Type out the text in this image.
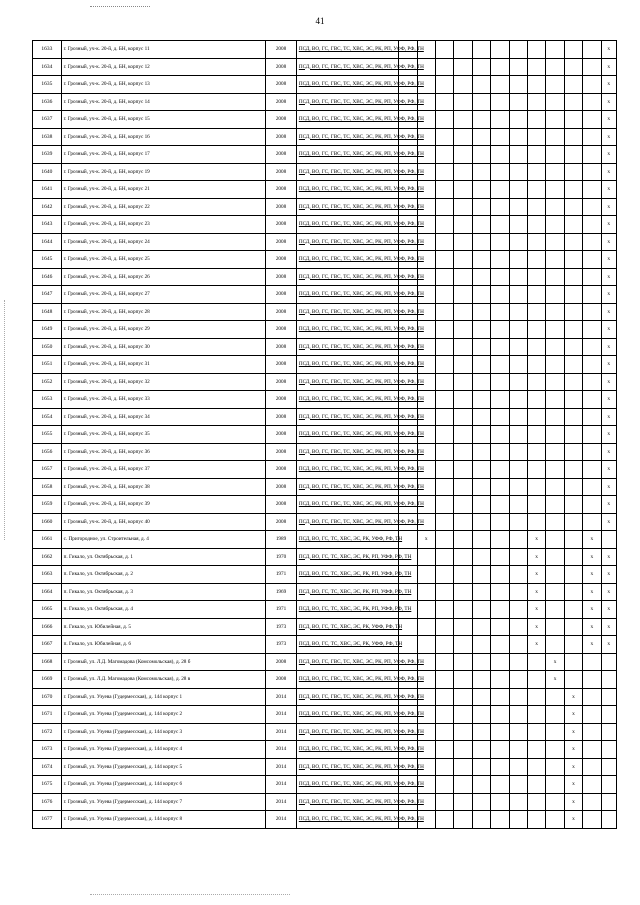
41
1633	г. Грозный, уч-к. 20-й, д. БН, корпус 11	2008	ПСД, ВО, ГС, ГВС, ТС, ХВС, ЭС, РК, РП, УФФ, РФ, ТН												х
1634	г. Грозный, уч-к. 20-й, д. БН, корпус 12	2008	ПСД, ВО, ГС, ГВС, ТС, ХВС, ЭС, РК, РП, УФФ, РФ, ТН												х
1635	г. Грозный, уч-к. 20-й, д. БН, корпус 13	2008	ПСД, ВО, ГС, ГВС, ТС, ХВС, ЭС, РК, РП, УФФ, РФ, ТН												х
1636	г. Грозный, уч-к. 20-й, д. БН, корпус 14	2008	ПСД, ВО, ГС, ГВС, ТС, ХВС, ЭС, РК, РП, УФФ, РФ, ТН												х
1637	г. Грозный, уч-к. 20-й, д. БН, корпус 15	2008	ПСД, ВО, ГС, ГВС, ТС, ХВС, ЭС, РК, РП, УФФ, РФ, ТН												х
1638	г. Грозный, уч-к. 20-й, д. БН, корпус 16	2008	ПСД, ВО, ГС, ГВС, ТС, ХВС, ЭС, РК, РП, УФФ, РФ, ТН												х
1639	г. Грозный, уч-к. 20-й, д. БН, корпус 17	2008	ПСД, ВО, ГС, ГВС, ТС, ХВС, ЭС, РК, РП, УФФ, РФ, ТН												х
1640	г. Грозный, уч-к. 20-й, д. БН, корпус 19	2008	ПСД, ВО, ГС, ГВС, ТС, ХВС, ЭС, РК, РП, УФФ, РФ, ТН												х
1641	г. Грозный, уч-к. 20-й, д. БН, корпус 21	2008	ПСД, ВО, ГС, ГВС, ТС, ХВС, ЭС, РК, РП, УФФ, РФ, ТН												х
1642	г. Грозный, уч-к. 20-й, д. БН, корпус 22	2008	ПСД, ВО, ГС, ГВС, ТС, ХВС, ЭС, РК, РП, УФФ, РФ, ТН												х
1643	г. Грозный, уч-к. 20-й, д. БН, корпус 23	2008	ПСД, ВО, ГС, ГВС, ТС, ХВС, ЭС, РК, РП, УФФ, РФ, ТН												х
1644	г. Грозный, уч-к. 20-й, д. БН, корпус 24	2008	ПСД, ВО, ГС, ГВС, ТС, ХВС, ЭС, РК, РП, УФФ, РФ, ТН												х
1645	г. Грозный, уч-к. 20-й, д. БН, корпус 25	2008	ПСД, ВО, ГС, ГВС, ТС, ХВС, ЭС, РК, РП, УФФ, РФ, ТН												х
1646	г. Грозный, уч-к. 20-й, д. БН, корпус 26	2008	ПСД, ВО, ГС, ГВС, ТС, ХВС, ЭС, РК, РП, УФФ, РФ, ТН												х
1647	г. Грозный, уч-к. 20-й, д. БН, корпус 27	2008	ПСД, ВО, ГС, ГВС, ТС, ХВС, ЭС, РК, РП, УФФ, РФ, ТН												х
1648	г. Грозный, уч-к. 20-й, д. БН, корпус 28	2008	ПСД, ВО, ГС, ГВС, ТС, ХВС, ЭС, РК, РП, УФФ, РФ, ТН												х
1649	г. Грозный, уч-к. 20-й, д. БН, корпус 29	2008	ПСД, ВО, ГС, ГВС, ТС, ХВС, ЭС, РК, РП, УФФ, РФ, ТН												х
1650	г. Грозный, уч-к. 20-й, д. БН, корпус 30	2008	ПСД, ВО, ГС, ГВС, ТС, ХВС, ЭС, РК, РП, УФФ, РФ, ТН												х
1651	г. Грозный, уч-к. 20-й, д. БН, корпус 31	2008	ПСД, ВО, ГС, ГВС, ТС, ХВС, ЭС, РК, РП, УФФ, РФ, ТН												х
1652	г. Грозный, уч-к. 20-й, д. БН, корпус 32	2008	ПСД, ВО, ГС, ГВС, ТС, ХВС, ЭС, РК, РП, УФФ, РФ, ТН												х
1653	г. Грозный, уч-к. 20-й, д. БН, корпус 33	2008	ПСД, ВО, ГС, ГВС, ТС, ХВС, ЭС, РК, РП, УФФ, РФ, ТН												х
1654	г. Грозный, уч-к. 20-й, д. БН, корпус 34	2008	ПСД, ВО, ГС, ГВС, ТС, ХВС, ЭС, РК, РП, УФФ, РФ, ТН												х
1655	г. Грозный, уч-к. 20-й, д. БН, корпус 35	2008	ПСД, ВО, ГС, ГВС, ТС, ХВС, ЭС, РК, РП, УФФ, РФ, ТН												х
1656	г. Грозный, уч-к. 20-й, д. БН, корпус 36	2008	ПСД, ВО, ГС, ГВС, ТС, ХВС, ЭС, РК, РП, УФФ, РФ, ТН												х
1657	г. Грозный, уч-к. 20-й, д. БН, корпус 37	2008	ПСД, ВО, ГС, ГВС, ТС, ХВС, ЭС, РК, РП, УФФ, РФ, ТН												х
1658	г. Грозный, уч-к. 20-й, д. БН, корпус 38	2008	ПСД, ВО, ГС, ГВС, ТС, ХВС, ЭС, РК, РП, УФФ, РФ, ТН												х
1659	г. Грозный, уч-к. 20-й, д. БН, корпус 39	2008	ПСД, ВО, ГС, ГВС, ТС, ХВС, ЭС, РК, РП, УФФ, РФ, ТН												х
1660	г. Грозный, уч-к. 20-й, д. БН, корпус 40	2008	ПСД, ВО, ГС, ГВС, ТС, ХВС, ЭС, РК, РП, УФФ, РФ, ТН												х
1661	с. Пригородное, ул. Строительная, д. 4	1989	ПСД, ВО, ГС, ТС, ХВС, ЭС, РК, УФФ, РФ, ТН		х						х			х	
1662	п. Гикало, ул. Октябрьская, д. 1	1970	ПСД, ВО, ГС, ТС, ХВС, ЭС, РК, РП, УФФ, РФ, ТН								х			х	х
1663	п. Гикало, ул. Октябрьская, д. 2	1971	ПСД, ВО, ГС, ТС, ХВС, ЭС, РК, РП, УФФ, РФ, ТН								х			х	х
1664	п. Гикало, ул. Октябрьская, д. 3	1969	ПСД, ВО, ГС, ТС, ХВС, ЭС, РК, РП, УФФ, РФ, ТН								х			х	х
1665	п. Гикало, ул. Октябрьская, д. 4	1971	ПСД, ВО, ГС, ТС, ХВС, ЭС, РК, РП, УФФ, РФ, ТН								х			х	х
1666	п. Гикало, ул. Юбилейная, д. 5	1973	ПСД, ВО, ГС, ТС, ХВС, ЭС, РК, УФФ, РФ, ТН								х			х	х
1667	п. Гикало, ул. Юбилейная, д. 6	1973	ПСД, ВО, ГС, ТС, ХВС, ЭС, РК, УФФ, РФ, ТН								х			х	х
1668	г. Грозный, ул. Л.Д. Магомадова (Комсомольская), д. 28 б	2008	ПСД, ВО, ГС, ГВС, ТС, ХВС, ЭС, РК, РП, УФФ, РФ, ТН									х			
1669	г. Грозный, ул. Л.Д. Магомадова (Комсомольская), д. 28 в	2008	ПСД, ВО, ГС, ГВС, ТС, ХВС, ЭС, РК, РП, УФФ, РФ, ТН									х			
1670	г. Грозный, ул. Узуева (Гудермесская), д. 144 корпус 1	2014	ПСД, ВО, ГС, ГВС, ТС, ХВС, ЭС, РК, РП, УФФ, РФ, ТН										х		
1671	г. Грозный, ул. Узуева (Гудермесская), д. 144 корпус 2	2014	ПСД, ВО, ГС, ГВС, ТС, ХВС, ЭС, РК, РП, УФФ, РФ, ТН										х		
1672	г. Грозный, ул. Узуева (Гудермесская), д. 144 корпус 3	2014	ПСД, ВО, ГС, ГВС, ТС, ХВС, ЭС, РК, РП, УФФ, РФ, ТН										х		
1673	г. Грозный, ул. Узуева (Гудермесская), д. 144 корпус 4	2014	ПСД, ВО, ГС, ГВС, ТС, ХВС, ЭС, РК, РП, УФФ, РФ, ТН										х		
1674	г. Грозный, ул. Узуева (Гудермесская), д. 144 корпус 5	2014	ПСД, ВО, ГС, ГВС, ТС, ХВС, ЭС, РК, РП, УФФ, РФ, ТН										х		
1675	г. Грозный, ул. Узуева (Гудермесская), д. 144 корпус 6	2014	ПСД, ВО, ГС, ГВС, ТС, ХВС, ЭС, РК, РП, УФФ, РФ, ТН										х		
1676	г. Грозный, ул. Узуева (Гудермесская), д. 144 корпус 7	2014	ПСД, ВО, ГС, ГВС, ТС, ХВС, ЭС, РК, РП, УФФ, РФ, ТН										х		
1677	г. Грозный, ул. Узуева (Гудермесская), д. 144 корпус 8	2014	ПСД, ВО, ГС, ГВС, ТС, ХВС, ЭС, РК, РП, УФФ, РФ, ТН										х		
